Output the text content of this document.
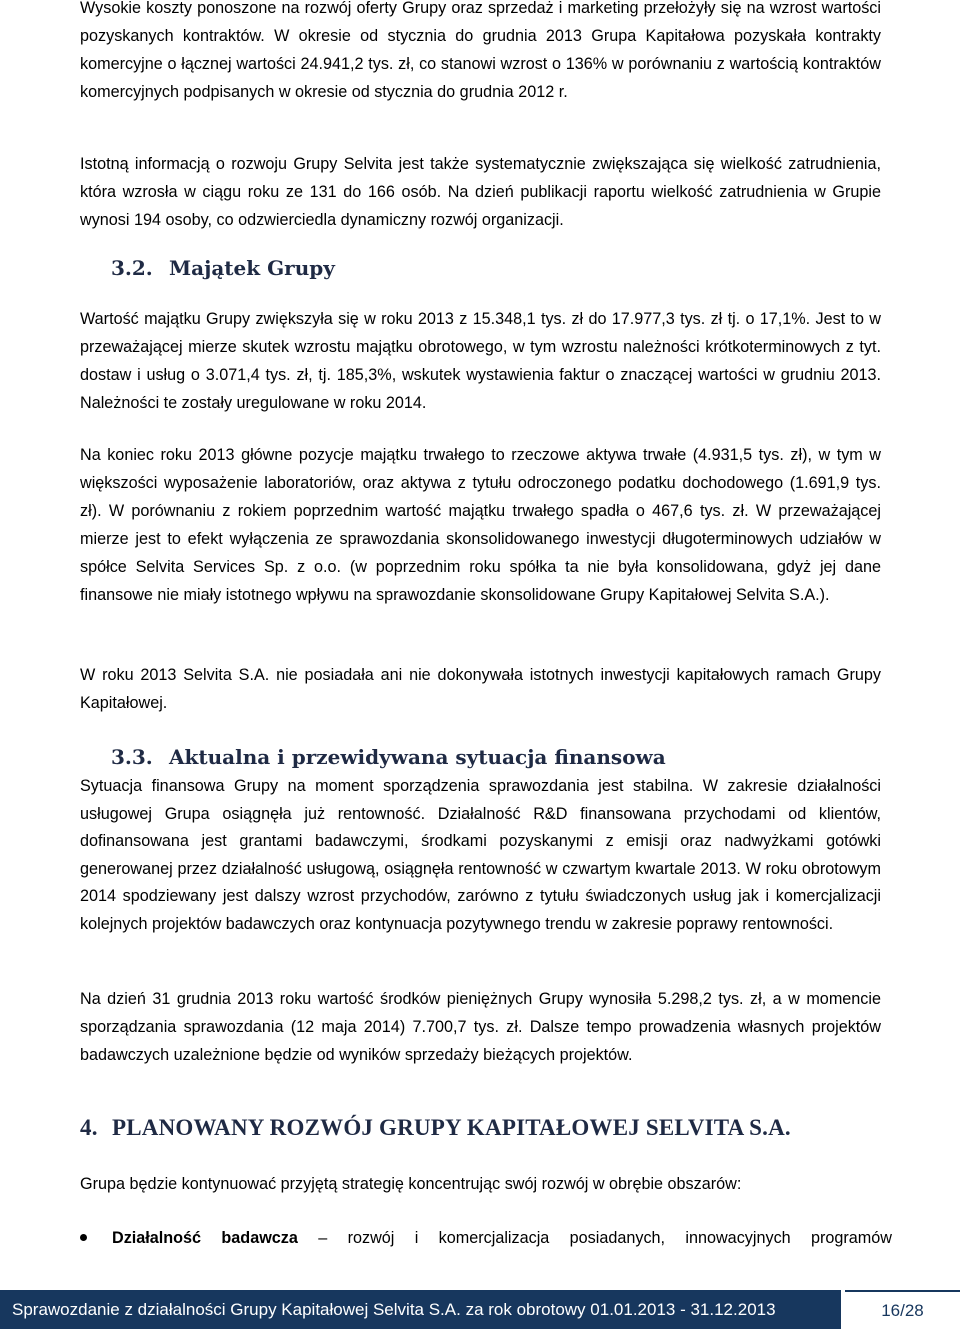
Wysokie koszty ponoszone na rozwój oferty Grupy oraz sprzedaż i marketing przełożyły się na wzrost wartości pozyskanych kontraktów. W okresie od stycznia do grudnia 2013 Grupa Kapitałowa pozyskała kontrakty komercyjne o łącznej wartości 24.941,2 tys. zł, co stanowi wzrost o 136% w porównaniu z wartością kontraktów komercyjnych podpisanych w okresie od stycznia do grudnia 2012 r.

Istotną informacją o rozwoju Grupy Selvita jest także systematycznie zwiększająca się wielkość zatrudnienia, która wzrosła w ciągu roku ze 131 do 166 osób. Na dzień publikacji raportu wielkość zatrudnienia w Grupie wynosi 194 osoby, co odzwierciedla dynamiczny rozwój organizacji.

3.2. Majątek Grupy

Wartość majątku Grupy zwiększyła się w roku 2013 z 15.348,1 tys. zł do 17.977,3 tys. zł tj. o 17,1%. Jest to w przeważającej mierze skutek wzrostu majątku obrotowego, w tym wzrostu należności krótkoterminowych z tyt. dostaw i usług o 3.071,4 tys. zł, tj. 185,3%, wskutek wystawienia faktur o znaczącej wartości w grudniu 2013. Należności te zostały uregulowane w roku 2014.

Na koniec roku 2013 główne pozycje majątku trwałego to rzeczowe aktywa trwałe (4.931,5 tys. zł), w tym w większości wyposażenie laboratoriów, oraz aktywa z tytułu odroczonego podatku dochodowego (1.691,9 tys. zł). W porównaniu z rokiem poprzednim wartość majątku trwałego spadła o 467,6 tys. zł. W przeważającej mierze jest to efekt wyłączenia ze sprawozdania skonsolidowanego inwestycji długoterminowych udziałów w spółce Selvita Services Sp. z o.o. (w poprzednim roku spółka ta nie była konsolidowana, gdyż jej dane finansowe nie miały istotnego wpływu na sprawozdanie skonsolidowane Grupy Kapitałowej Selvita S.A.).

W roku 2013 Selvita S.A. nie posiadała ani nie dokonywała istotnych inwestycji kapitałowych ramach Grupy Kapitałowej.

3.3. Aktualna i przewidywana sytuacja finansowa

Sytuacja finansowa Grupy na moment sporządzenia sprawozdania jest stabilna. W zakresie działalności usługowej Grupa osiągnęła już rentowność. Działalność R&D finansowana przychodami od klientów, dofinansowana jest grantami badawczymi, środkami pozyskanymi z emisji oraz nadwyżkami gotówki generowanej przez działalność usługową, osiągnęła rentowność w czwartym kwartale 2013. W roku obrotowym 2014 spodziewany jest dalszy wzrost przychodów, zarówno z tytułu świadczonych usług jak i komercjalizacji kolejnych projektów badawczych oraz kontynuacja pozytywnego trendu w zakresie poprawy rentowności.

Na dzień 31 grudnia 2013 roku wartość środków pieniężnych Grupy wynosiła 5.298,2 tys. zł, a w momencie sporządzania sprawozdania (12 maja 2014) 7.700,7 tys. zł. Dalsze tempo prowadzenia własnych projektów badawczych uzależnione będzie od wyników sprzedaży bieżących projektów.

4. PLANOWANY ROZWÓJ GRUPY KAPITAŁOWEJ SELVITA S.A.

Grupa będzie kontynuować przyjętą strategię koncentrując swój rozwój w obrębie obszarów:

Działalność badawcza – rozwój i komercjalizacja posiadanych, innowacyjnych programów
Sprawozdanie z działalności Grupy Kapitałowej Selvita S.A. za rok obrotowy 01.01.2013 - 31.12.2013	16/28
